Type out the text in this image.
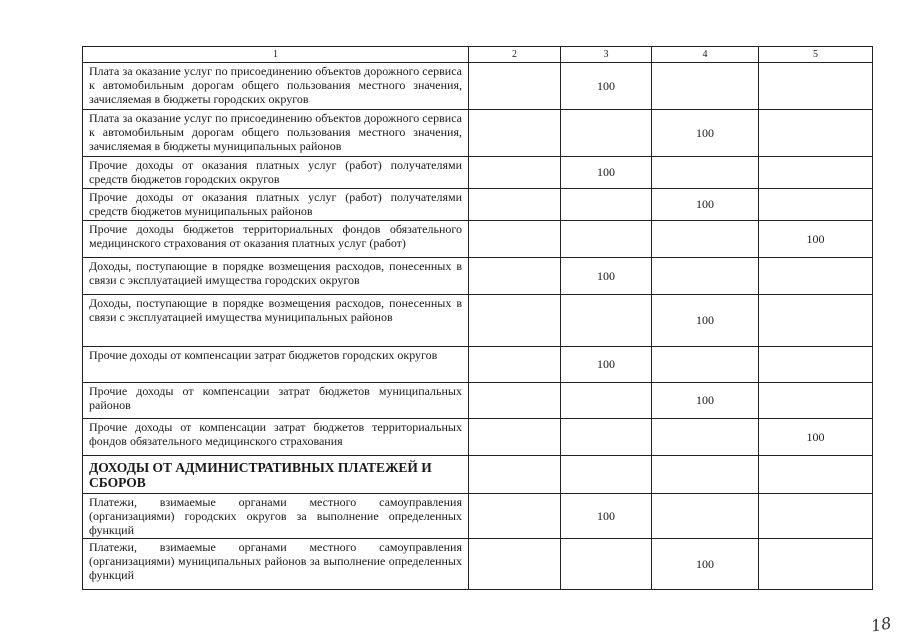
1	2	3	4	5
Плата за оказание услуг по присоединению объектов дорожного сервиса к автомобильным дорогам общего пользования местного значения, зачисляемая в бюджеты городских округов		100		
Плата за оказание услуг по присоединению объектов дорожного сервиса к автомобильным дорогам общего пользования местного значения, зачисляемая в бюджеты муниципальных районов			100	
Прочие доходы от оказания платных услуг (работ) получателями средств бюджетов городских округов		100		
Прочие доходы от оказания платных услуг (работ) получателями средств бюджетов муниципальных районов			100	
Прочие доходы бюджетов территориальных фондов обязательного медицинского страхования от оказания платных услуг (работ)				100
Доходы, поступающие в порядке возмещения расходов, понесенных в связи с эксплуатацией имущества городских округов		100		
Доходы, поступающие в порядке возмещения расходов, понесенных в связи с эксплуатацией имущества муниципальных районов			100	
Прочие доходы от компенсации затрат бюджетов городских округов		100		
Прочие доходы от компенсации затрат бюджетов муниципальных районов			100	
Прочие доходы от компенсации затрат бюджетов территориальных фондов обязательного медицинского страхования				100
ДОХОДЫ ОТ АДМИНИСТРАТИВНЫХ ПЛАТЕЖЕЙ И СБОРОВ				
Платежи, взимаемые органами местного самоуправления (организациями) городских округов за выполнение определенных функций		100		
Платежи, взимаемые органами местного самоуправления (организациями) муниципальных районов за выполнение определенных функций			100	
18
